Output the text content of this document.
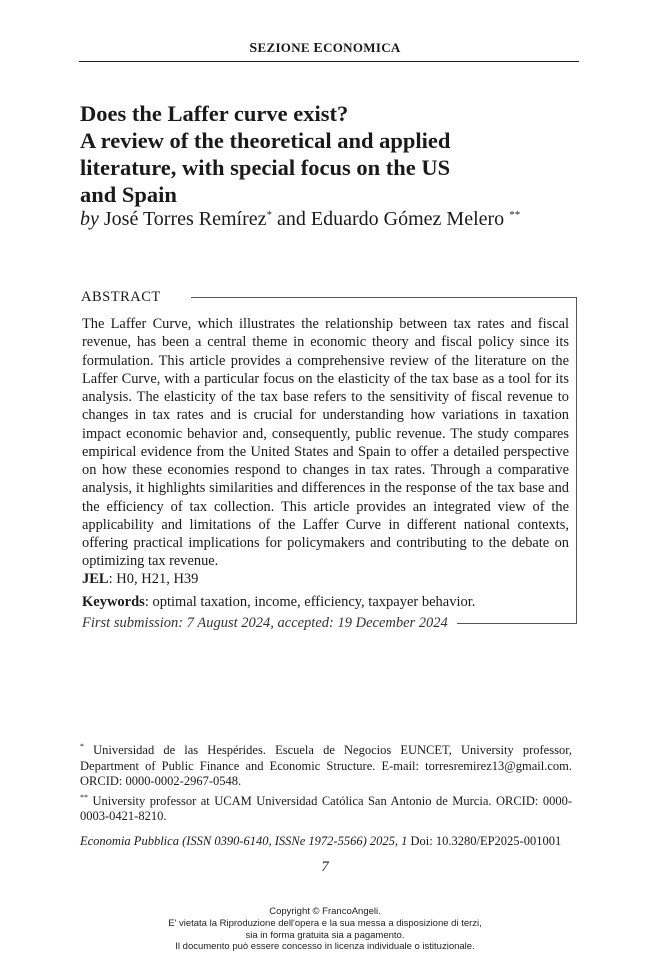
SEZIONE ECONOMICA
Does the Laffer curve exist?
A review of the theoretical and applied
literature, with special focus on the US
and Spain
by José Torres Remírez* and Eduardo Gómez Melero **
ABSTRACT

The Laffer Curve, which illustrates the relationship between tax rates and fiscal revenue, has been a central theme in economic theory and fiscal policy since its formulation. This article provides a comprehensive review of the literature on the Laffer Curve, with a particular focus on the elasticity of the tax base as a tool for its analysis. The elasticity of the tax base refers to the sensitivity of fiscal revenue to changes in tax rates and is crucial for understanding how variations in taxation impact economic behavior and, consequently, public revenue. The study compares empirical evidence from the United States and Spain to offer a detailed perspective on how these economies respond to changes in tax rates. Through a comparative analysis, it highlights similarities and differences in the response of the tax base and the efficiency of tax collection. This article provides an integrated view of the applicability and limitations of the Laffer Curve in different national contexts, offering practical implications for policymakers and contributing to the debate on optimizing tax revenue.

JEL: H0, H21, H39
Keywords: optimal taxation, income, efficiency, taxpayer behavior.
First submission: 7 August 2024, accepted: 19 December 2024

* Universidad de las Hespérides. Escuela de Negocios EUNCET, University professor, Department of Public Finance and Economic Structure. E-mail: torresremirez13@gmail.com. ORCID: 0000-0002-2967-0548.

** University professor at UCAM Universidad Católica San Antonio de Murcia. ORCID: 0000-0003-0421-8210.

Economia Pubblica (ISSN 0390-6140, ISSNe 1972-5566) 2025, 1 Doi: 10.3280/EP2025-001001
7
Copyright © FrancoAngeli.
E' vietata la Riproduzione dell'opera e la sua messa a disposizione di terzi,
sia in forma gratuita sia a pagamento.
Il documento può essere concesso in licenza individuale o istituzionale.
